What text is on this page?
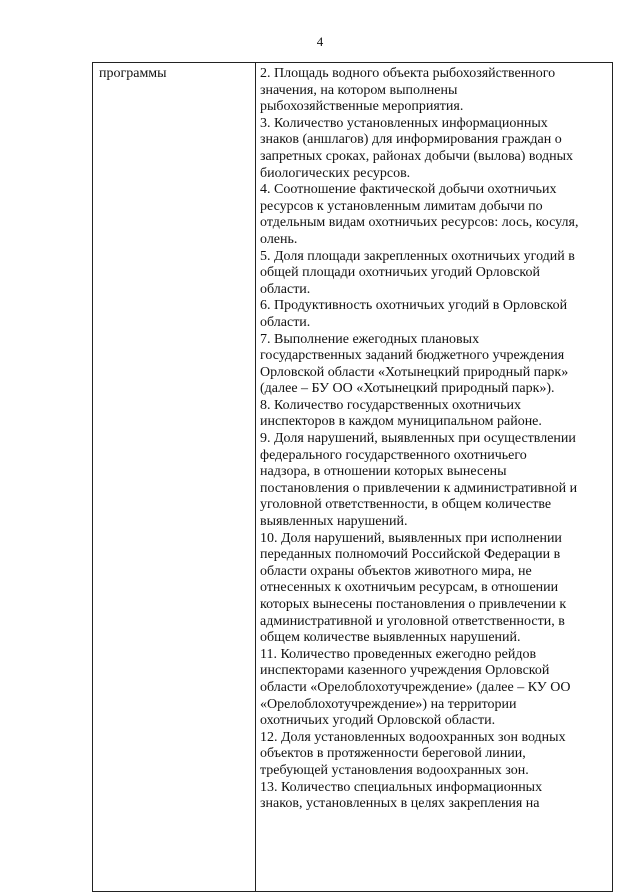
4
программы	2. Площадь водного объекта рыбохозяйственного
значения, на котором выполнены
рыбохозяйственные мероприятия.
3. Количество установленных информационных
знаков (аншлагов) для информирования граждан о
запретных сроках, районах добычи (вылова) водных
биологических ресурсов.
4. Соотношение фактической добычи охотничьих
ресурсов к установленным лимитам добычи по
отдельным видам охотничьих ресурсов: лось, косуля,
олень.
5. Доля площади закрепленных охотничьих угодий в
общей площади охотничьих угодий Орловской
области.
6. Продуктивность охотничьих угодий в Орловской
области.
7. Выполнение ежегодных плановых
государственных заданий бюджетного учреждения
Орловской области «Хотынецкий природный парк»
(далее – БУ ОО «Хотынецкий природный парк»).
8. Количество государственных охотничьих
инспекторов в каждом муниципальном районе.
9. Доля нарушений, выявленных при осуществлении
федерального государственного охотничьего
надзора, в отношении которых вынесены
постановления о привлечении к административной и
уголовной ответственности, в общем количестве
выявленных нарушений.
10. Доля нарушений, выявленных при исполнении
переданных полномочий Российской Федерации в
области охраны объектов животного мира, не
отнесенных к охотничьим ресурсам, в отношении
которых вынесены постановления о привлечении к
административной и уголовной ответственности, в
общем количестве выявленных нарушений.
11. Количество проведенных ежегодно рейдов
инспекторами казенного учреждения Орловской
области «Орелоблохотучреждение» (далее – КУ ОО
«Орелоблохотучреждение») на территории
охотничьих угодий Орловской области.
12. Доля установленных водоохранных зон водных
объектов в протяженности береговой линии,
требующей установления водоохранных зон.
13. Количество специальных информационных
знаков, установленных в целях закрепления на
